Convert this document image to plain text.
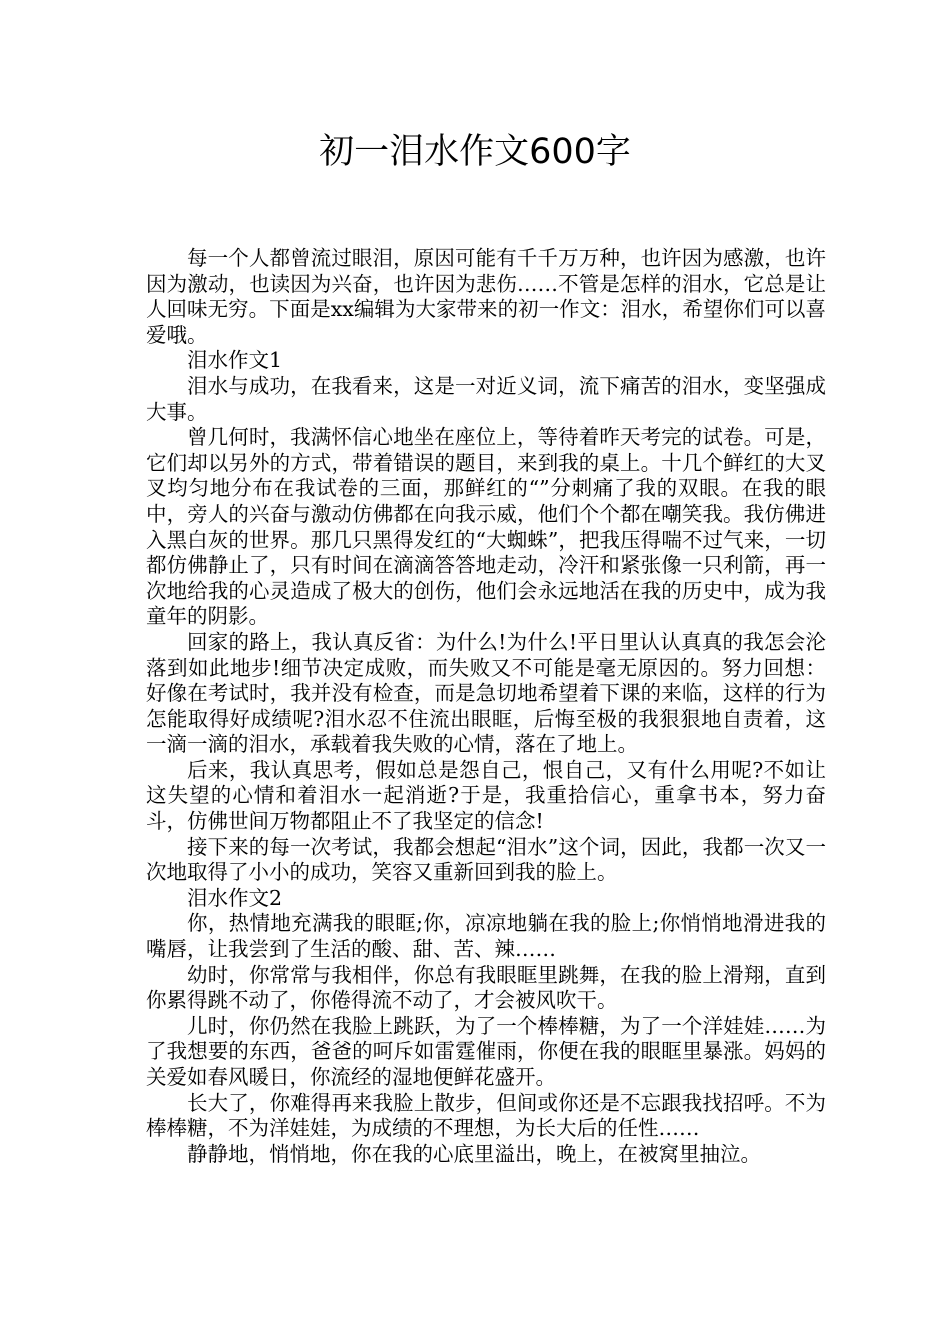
初一泪水作文600字

每一个人都曾流过眼泪，原因可能有千千万万种，也许因为感激，也许因为激动，也读因为兴奋，也许因为悲伤……不管是怎样的泪水，它总是让人回味无穷。下面是xx编辑为大家带来的初一作文：泪水，希望你们可以喜爱哦。

泪水作文1

泪水与成功，在我看来，这是一对近义词，流下痛苦的泪水，变坚强成大事。

曾几何时，我满怀信心地坐在座位上，等待着昨天考完的试卷。可是，它们却以另外的方式，带着错误的题目，来到我的桌上。十几个鲜红的大叉叉均匀地分布在我试卷的三面，那鲜红的“”分刺痛了我的双眼。在我的眼中，旁人的兴奋与激动仿佛都在向我示威，他们个个都在嘲笑我。我仿佛进入黑白灰的世界。那几只黑得发红的“大蜘蛛”，把我压得喘不过气来，一切都仿佛静止了，只有时间在滴滴答答地走动，冷汗和紧张像一只利箭，再一次地给我的心灵造成了极大的创伤，他们会永远地活在我的历史中，成为我童年的阴影。

回家的路上，我认真反省：为什么!为什么!平日里认认真真的我怎会沦落到如此地步!细节决定成败，而失败又不可能是毫无原因的。努力回想：好像在考试时，我并没有检查，而是急切地希望着下课的来临，这样的行为怎能取得好成绩呢?泪水忍不住流出眼眶，后悔至极的我狠狠地自责着，这一滴一滴的泪水，承载着我失败的心情，落在了地上。

后来，我认真思考，假如总是怨自己，恨自己，又有什么用呢?不如让这失望的心情和着泪水一起消逝?于是，我重拾信心，重拿书本，努力奋斗，仿佛世间万物都阻止不了我坚定的信念!

接下来的每一次考试，我都会想起“泪水”这个词，因此，我都一次又一次地取得了小小的成功，笑容又重新回到我的脸上。

泪水作文2

你，热情地充满我的眼眶;你，凉凉地躺在我的脸上;你悄悄地滑进我的嘴唇，让我尝到了生活的酸、甜、苦、辣……

幼时，你常常与我相伴，你总有我眼眶里跳舞，在我的脸上滑翔，直到你累得跳不动了，你倦得流不动了，才会被风吹干。

儿时，你仍然在我脸上跳跃，为了一个棒棒糖，为了一个洋娃娃……为了我想要的东西，爸爸的呵斥如雷霆催雨，你便在我的眼眶里暴涨。妈妈的关爱如春风暖日，你流经的湿地便鲜花盛开。

长大了，你难得再来我脸上散步，但间或你还是不忘跟我找招呼。不为棒棒糖，不为洋娃娃，为成绩的不理想，为长大后的任性……

静静地，悄悄地，你在我的心底里溢出，晚上，在被窝里抽泣。
